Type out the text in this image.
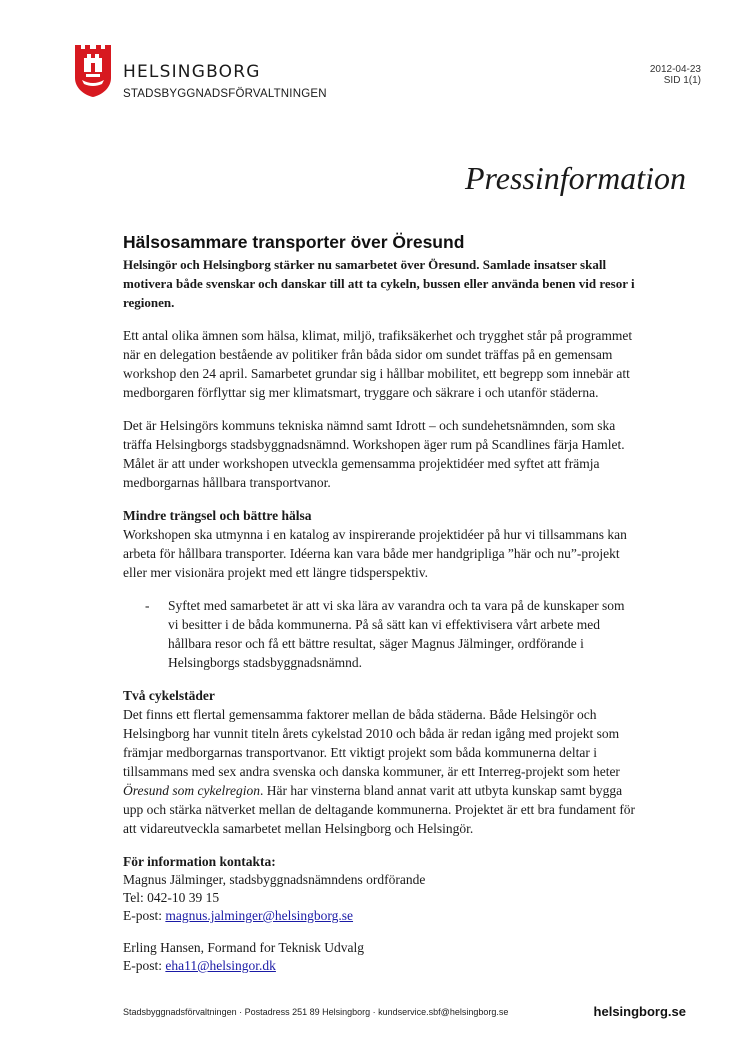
HELSINGBORG
STADSBYGGNADSFÖRVALTNINGEN
2012-04-23
SID 1(1)
Pressinformation
Hälsosammare transporter över Öresund
Helsingör och Helsingborg stärker nu samarbetet över Öresund. Samlade insatser skall motivera både svenskar och danskar till att ta cykeln, bussen eller använda benen vid resor i regionen.

Ett antal olika ämnen som hälsa, klimat, miljö, trafiksäkerhet och trygghet står på programmet när en delegation bestående av politiker från båda sidor om sundet träffas på en gemensam workshop den 24 april. Samarbetet grundar sig i hållbar mobilitet, ett begrepp som innebär att medborgaren förflyttar sig mer klimatsmart, tryggare och säkrare i och utanför städerna.

Det är Helsingörs kommuns tekniska nämnd samt Idrott – och sundehetsnämnden, som ska träffa Helsingborgs stadsbyggnadsnämnd. Workshopen äger rum på Scandlines färja Hamlet. Målet är att under workshopen utveckla gemensamma projektidéer med syftet att främja medborgarnas hållbara transportvanor.

Mindre trängsel och bättre hälsa

Workshopen ska utmynna i en katalog av inspirerande projektidéer på hur vi tillsammans kan arbeta för hållbara transporter. Idéerna kan vara både mer handgripliga ”här och nu”-projekt eller mer visionära projekt med ett längre tidsperspektiv.

- Syftet med samarbetet är att vi ska lära av varandra och ta vara på de kunskaper som vi besitter i de båda kommunerna. På så sätt kan vi effektivisera vårt arbete med hållbara resor och få ett bättre resultat, säger Magnus Jälminger, ordförande i Helsingborgs stadsbyggnadsnämnd.
Två cykelstäder

Det finns ett flertal gemensamma faktorer mellan de båda städerna. Både Helsingör och Helsingborg har vunnit titeln årets cykelstad 2010 och båda är redan igång med projekt som främjar medborgarnas transportvanor. Ett viktigt projekt som båda kommunerna deltar i tillsammans med sex andra svenska och danska kommuner, är ett Interreg-projekt som heter Öresund som cykelregion. Här har vinsterna bland annat varit att utbyta kunskap samt bygga upp och stärka nätverket mellan de deltagande kommunerna. Projektet är ett bra fundament för att vidareutveckla samarbetet mellan Helsingborg och Helsingör.

För information kontakta:
Magnus Jälminger, stadsbyggnadsnämndens ordförande
Tel: 042-10 39 15
E-post: magnus.jalminger@helsingborg.se
Erling Hansen, Formand for Teknisk Udvalg
E-post: eha11@helsingor.dk
Stadsbyggnadsförvaltningen · Postadress 251 89 Helsingborg · kundservice.sbf@helsingborg.se	helsingborg.se
